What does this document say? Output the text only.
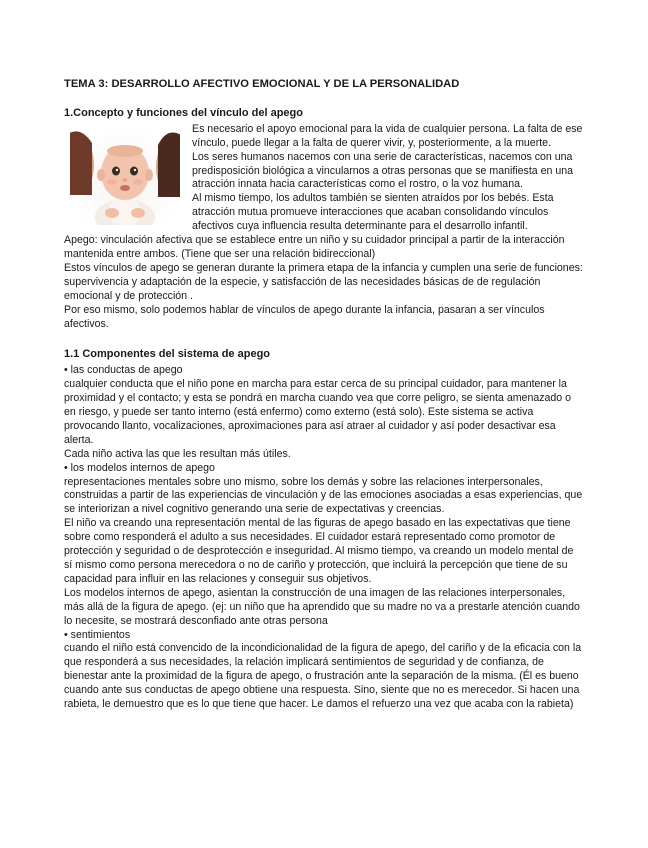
TEMA 3: DESARROLLO AFECTIVO EMOCIONAL Y DE LA PERSONALIDAD
1.Concepto y funciones del vínculo del apego

Es necesario el apoyo emocional para la vida de cualquier persona. La falta de ese vínculo, puede llegar a la falta de querer vivir, y, posteriormente, a la muerte.

Los seres humanos nacemos con una serie de características, nacemos con una predisposición biológica a vincularnos a otras personas que se manifiesta en una atracción innata hacia características como el rostro, o la voz humana.

Al mismo tiempo, los adultos también se sienten atraídos por los bebés. Esta atracción mutua promueve interacciones que acaban consolidando vínculos afectivos cuya influencia resulta determinante para el desarrollo infantil.

Apego: vinculación afectiva que se establece entre un niño y su cuidador principal a partir de la interacción mantenida entre ambos. (Tiene que ser una relación bidireccional)

Estos vínculos de apego se generan durante la primera etapa de la infancia y cumplen una serie de funciones: supervivencia y adaptación de la especie, y satisfacción de las necesidades básicas de de regulación emocional y de protección .

Por eso mismo, solo podemos hablar de vínculos de apego durante la infancia, pasaran a ser vínculos afectivos.

1.1 Componentes del sistema de apego

• las conductas de apego

cualquier conducta que el niño pone en marcha para estar cerca de su principal cuidador, para mantener la proximidad y el contacto; y esta se pondrá en marcha cuando vea que corre peligro, se sienta amenazado o en riesgo, y puede ser tanto interno (está enfermo) como externo (está solo). Este sistema se activa provocando llanto, vocalizaciones, aproximaciones para así atraer al cuidador y así poder desactivar esa alerta.

Cada niño activa las que les resultan más útiles.

• los modelos internos de apego

representaciones mentales sobre uno mismo, sobre los demás y sobre las relaciones interpersonales, construidas a partir de las experiencias de vinculación y de las emociones asociadas a esas experiencias, que se interiorizan a nivel cognitivo generando una serie de expectativas y creencias.

El niño va creando una representación mental de las figuras de apego basado en las expectativas que tiene sobre como responderá el adulto a sus necesidades. El cuidador estará representado como promotor de protección y seguridad o de desprotección e inseguridad. Al mismo tiempo, va creando un modelo mental de sí mismo como persona merecedora o no de cariño y protección, que incluirá la percepción que tiene de su capacidad para influir en las relaciones y conseguir sus objetivos.

Los modelos internos de apego, asientan la construcción de una imagen de las relaciones interpersonales, más allá de la figura de apego. (ej: un niño que ha aprendido que su madre no va a prestarle atención cuando lo necesite, se mostrará desconfiado ante otras persona

• sentimientos

cuando el niño está convencido de la incondicionalidad de la figura de apego, del cariño y de la eficacia con la que responderá a sus necesidades, la relación implicará sentimientos de seguridad y de confianza, de bienestar ante la proximidad de la figura de apego, o frustración ante la separación de la misma. (Él es bueno cuando ante sus conductas de apego obtiene una respuesta. Sino, siente que no es merecedor. Si hacen una rabieta, le demuestro que es lo que tiene que hacer. Le damos el refuerzo una vez que acaba con la rabieta)
